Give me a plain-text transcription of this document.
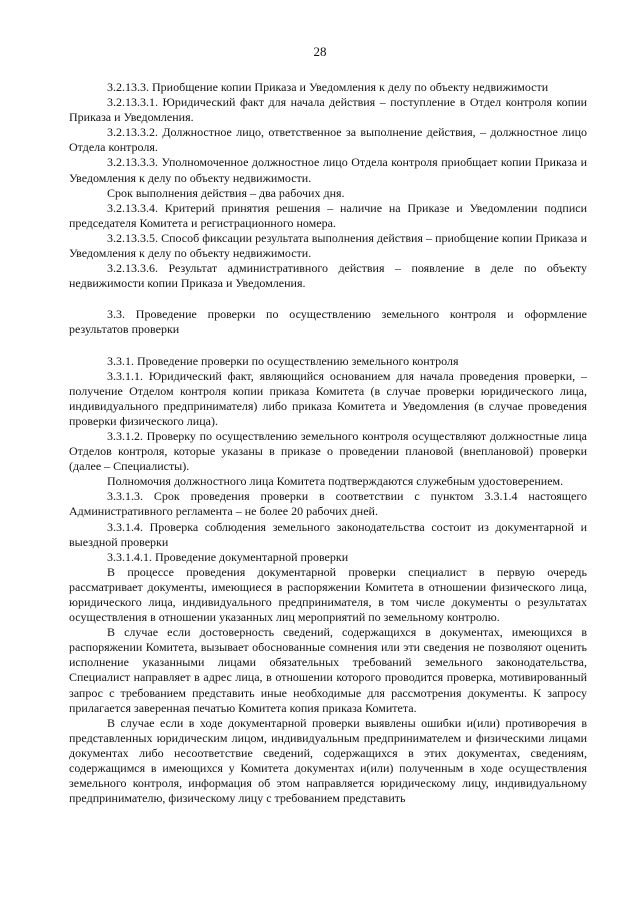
28

3.2.13.3. Приобщение копии Приказа и Уведомления к делу по объекту недвижимости

3.2.13.3.1. Юридический факт для начала действия – поступление в Отдел контроля копии Приказа и Уведомления.

3.2.13.3.2. Должностное лицо, ответственное за выполнение действия, – должностное лицо Отдела контроля.

3.2.13.3.3. Уполномоченное должностное лицо Отдела контроля приобщает копии Приказа и Уведомления к делу по объекту недвижимости.

Срок выполнения действия – два рабочих дня.

3.2.13.3.4. Критерий принятия решения – наличие на Приказе и Уведомлении подписи председателя Комитета и регистрационного номера.

3.2.13.3.5. Способ фиксации результата выполнения действия – приобщение копии Приказа и Уведомления к делу по объекту недвижимости.

3.2.13.3.6. Результат административного действия – появление в деле по объекту недвижимости копии Приказа и Уведомления.

3.3. Проведение проверки по осуществлению земельного контроля и оформление результатов проверки

3.3.1. Проведение проверки по осуществлению земельного контроля

3.3.1.1. Юридический факт, являющийся основанием для начала проведения проверки, – получение Отделом контроля копии приказа Комитета (в случае проверки юридического лица, индивидуального предпринимателя) либо приказа Комитета и Уведомления (в случае проведения проверки физического лица).

3.3.1.2. Проверку по осуществлению земельного контроля осуществляют должностные лица Отделов контроля, которые указаны в приказе о проведении плановой (внеплановой) проверки (далее – Специалисты).

Полномочия должностного лица Комитета подтверждаются служебным удостоверением.

3.3.1.3. Срок проведения проверки в соответствии с пунктом 3.3.1.4 настоящего Административного регламента – не более 20 рабочих дней.

3.3.1.4. Проверка соблюдения земельного законодательства состоит из документарной и выездной проверки

3.3.1.4.1. Проведение документарной проверки

В процессе проведения документарной проверки специалист в первую очередь рассматривает документы, имеющиеся в распоряжении Комитета в отношении физического лица, юридического лица, индивидуального предпринимателя, в том числе документы о результатах осуществления в отношении указанных лиц мероприятий по земельному контролю.

В случае если достоверность сведений, содержащихся в документах, имеющихся в распоряжении Комитета, вызывает обоснованные сомнения или эти сведения не позволяют оценить исполнение указанными лицами обязательных требований земельного законодательства, Специалист направляет в адрес лица, в отношении которого проводится проверка, мотивированный запрос с требованием представить иные необходимые для рассмотрения документы. К запросу прилагается заверенная печатью Комитета копия приказа Комитета.

В случае если в ходе документарной проверки выявлены ошибки и(или) противоречия в представленных юридическим лицом, индивидуальным предпринимателем и физическими лицами документах либо несоответствие сведений, содержащихся в этих документах, сведениям, содержащимся в имеющихся у Комитета документах и(или) полученным в ходе осуществления земельного контроля, информация об этом направляется юридическому лицу, индивидуальному предпринимателю, физическому лицу с требованием представить
